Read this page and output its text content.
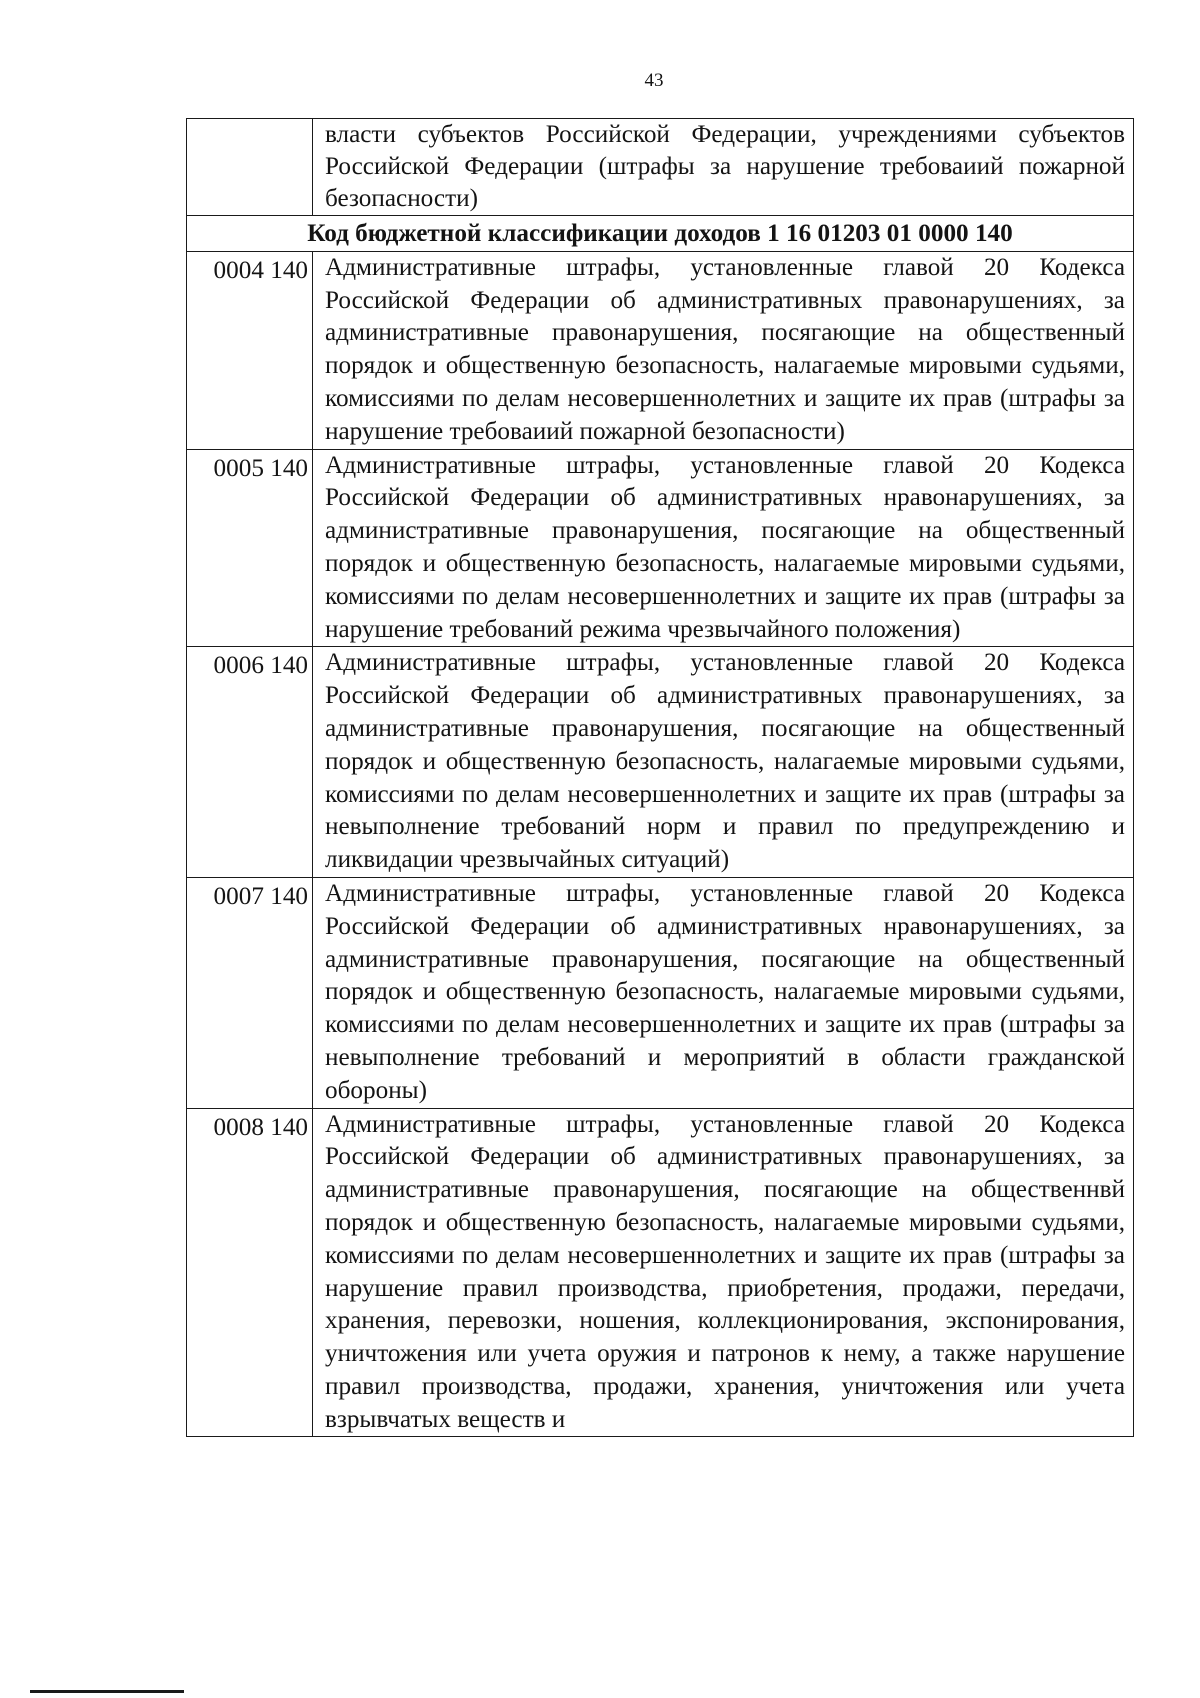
43
	власти субъектов Российской Федерации, учреждениями субъектов Российской Федерации (штрафы за нарушение требоваиий пожарной безопасности)
Код бюджетной классификации доходов 1 16 01203 01 0000 140	
0004 140	Административные штрафы, установленные главой 20 Кодекса Российской Федерации об административных правонарушениях, за административные правонарушения, посягающие на общественный порядок и общественную безопасность, налагаемые мировыми судьями, комиссиями по делам несовершеннолетних и защите их прав (штрафы за нарушение требоваиий пожарной безопасности)
0005 140	Административные штрафы, установленные главой 20 Кодекса Российской Федерации об административных нравонарушениях, за административные правонарушения, посягающие на общественный порядок и общественную безопасность, налагаемые мировыми судьями, комиссиями по делам несовершеннолетних и защите их прав (штрафы за нарушение требований режима чрезвычайного положения)
0006 140	Административные штрафы, установленные главой 20 Кодекса Российской Федерации об административных правонарушениях, за административные правонарушения, посягающие на общественный порядок и общественную безопасность, налагаемые мировыми судьями, комиссиями по делам несовершеннолетних и защите их прав (штрафы за невыполнение требований норм и правил по предупреждению и ликвидации чрезвычайных ситуаций)
0007 140	Административные штрафы, установленные главой 20 Кодекса Российской Федерации об административных нравонарушениях, за административные правонарушения, посягающие на общественный порядок и общественную безопасность, налагаемые мировыми судьями, комиссиями по делам несовершеннолетних и защите их прав (штрафы за невыполнение требований и мероприятий в области гражданской обороны)
0008 140	Административные штрафы, установленные главой 20 Кодекса Российской Федерации об административных правонарушениях, за административные правонарушения, посягающие на общественнвй порядок и общественную безопасность, налагаемые мировыми судьями, комиссиями по делам несовершеннолетних и защите их прав (штрафы за нарушение правил производства, приобретения, продажи, передачи, хранения, перевозки, ношения, коллекционирования, экспонирования, уничтожения или учета оружия и патронов к нему, а также нарушение правил производства, продажи, хранения, уничтожения или учета взрывчатых веществ и
